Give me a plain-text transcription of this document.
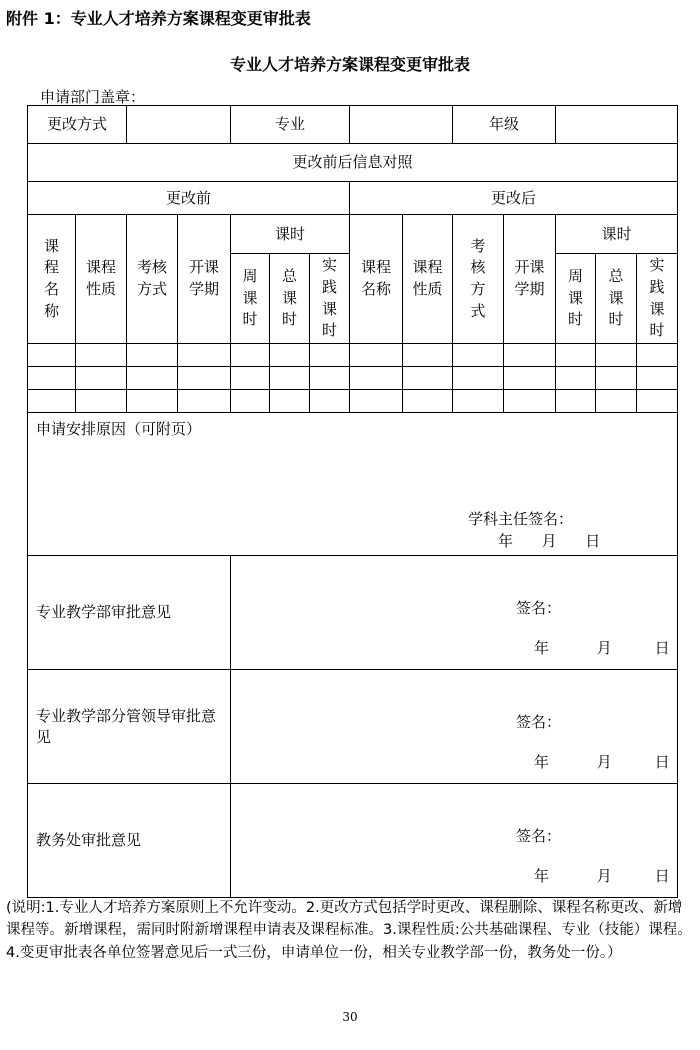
附件 1：专业人才培养方案课程变更审批表
专业人才培养方案课程变更审批表
申请部门盖章：
更改方式				专业					年级				
更改前后信息对照													
更改前							更改后						
课程名称	课程性质	考核方式	开课学期	课时			课程名称	课程性质	考核方式	开课学期	课时		
				周课时	总课时	实践课时					周课时	总课时	实践课时

申请安排原因（可附页）
学科主任签名：
年 月 日													

专业教学部审批意见				签名：
年 月 日									

专业教学部分管领导审批意见				签名：
年 月 日									

教务处审批意见				签名：
年 月 日									
(说明:1.专业人才培养方案原则上不允许变动。2.更改方式包括学时更改、课程删除、课程名称更改、新增课程等。新增课程，需同时附新增课程申请表及课程标准。3.课程性质:公共基础课程、专业（技能）课程。4.变更审批表各单位签署意见后一式三份，申请单位一份，相关专业教学部一份，教务处一份。）
30
